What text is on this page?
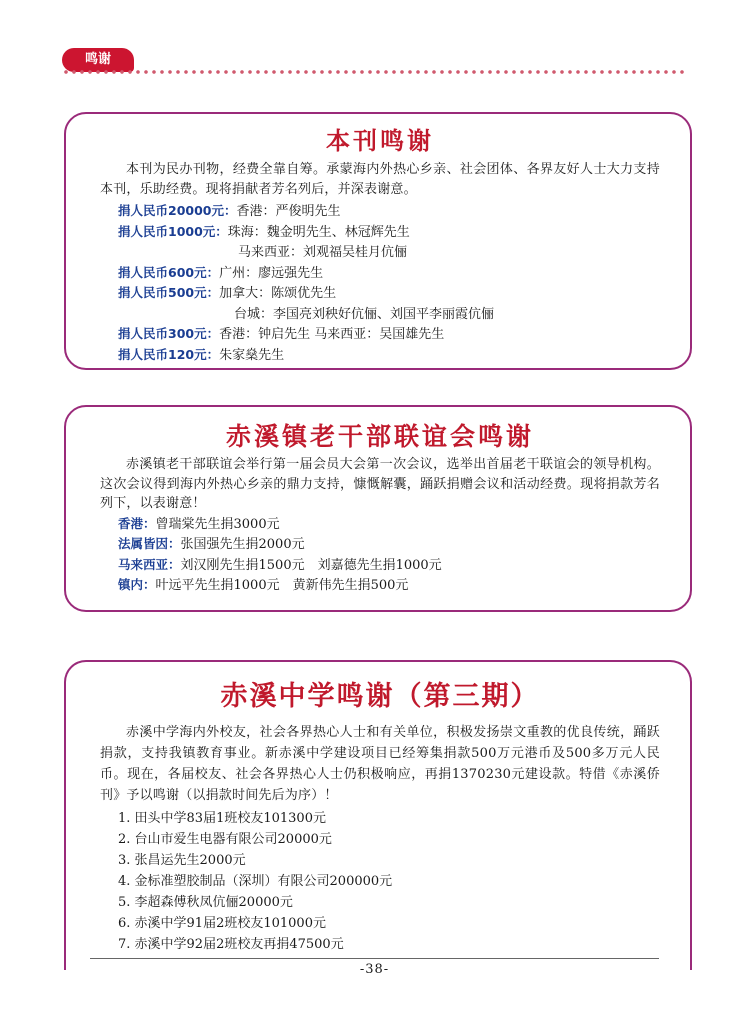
鸣谢
本刊鸣谢
本刊为民办刊物，经费全靠自筹。承蒙海内外热心乡亲、社会团体、各界友好人士大力支持本刊，乐助经费。现将捐献者芳名列后，并深表谢意。
捐人民币20000元：香港：严俊明先生
捐人民币1000元：珠海：魏金明先生、林冠辉先生
马来西亚：刘观福吴桂月伉俪
捐人民币600元：广州：廖远强先生
捐人民币500元：加拿大：陈颂优先生
台城：李国亮刘秧好伉俪、刘国平李丽霞伉俪
捐人民币300元：香港：钟启先生 马来西亚：吴国雄先生
捐人民币120元：朱家燊先生
赤溪镇老干部联谊会鸣谢
赤溪镇老干部联谊会举行第一届会员大会第一次会议，选举出首届老干联谊会的领导机构。这次会议得到海内外热心乡亲的鼎力支持，慷慨解囊，踊跃捐赠会议和活动经费。现将捐款芳名列下，以表谢意！
香港：曾瑞棠先生捐3000元
法属皆因：张国强先生捐2000元
马来西亚：刘汉刚先生捐1500元　刘嘉德先生捐1000元
镇内：叶远平先生捐1000元　黄新伟先生捐500元
赤溪中学鸣谢（第三期）
赤溪中学海内外校友，社会各界热心人士和有关单位，积极发扬崇文重教的优良传统，踊跃捐款，支持我镇教育事业。新赤溪中学建设项目已经筹集捐款500万元港币及500多万元人民币。现在，各届校友、社会各界热心人士仍积极响应，再捐1370230元建设款。特借《赤溪侨刊》予以鸣谢（以捐款时间先后为序）！
1. 田头中学83届1班校友101300元
2. 台山市爱生电器有限公司20000元
3. 张昌运先生2000元
4. 金标准塑胶制品（深圳）有限公司200000元
5. 李超森傅秋凤伉俪20000元
6. 赤溪中学91届2班校友101000元
7. 赤溪中学92届2班校友再捐47500元
-38-
